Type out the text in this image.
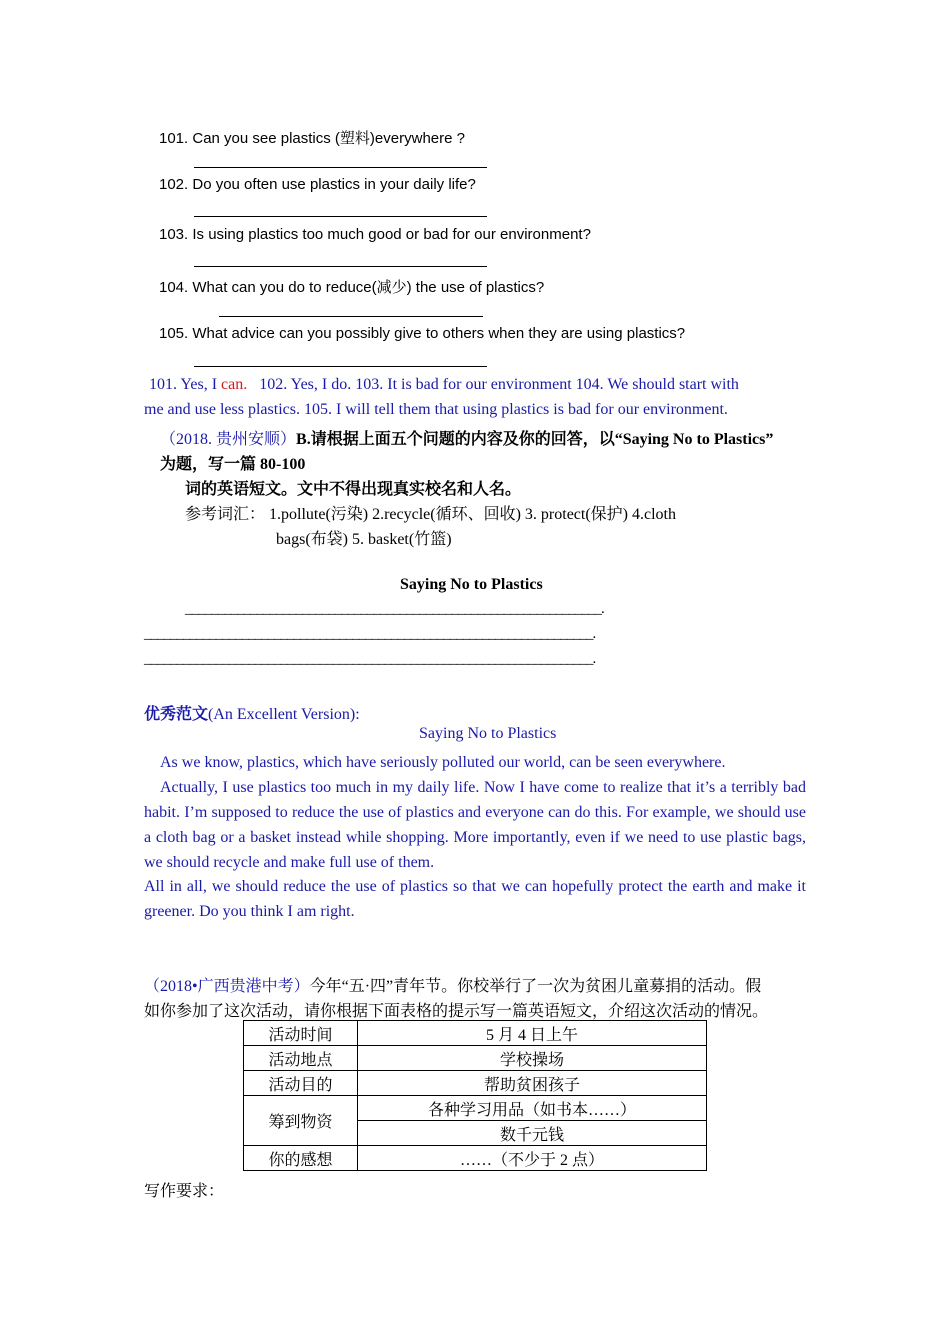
101. Can you see plastics (塑料)everywhere ?
102. Do you often use plastics in your daily life?
103. Is using plastics too much good or bad for our environment?
104. What can you do to reduce(减少) the use of plastics?
105. What advice can you possibly give to others when they are using plastics?
101. Yes, I can. 102. Yes, I do. 103. It is bad for our environment 104. We should start with
me and use less plastics. 105. I will tell them that using plastics is bad for our environment.
（2018. 贵州安顺）B.请根据上面五个问题的内容及你的回答，以“Saying No to Plastics”
为题，写一篇 80-100
词的英语短文。文中不得出现真实校名和人名。
参考词汇： 1.pollute(污染) 2.recycle(循环、回收) 3. protect(保护) 4.cloth
bags(布袋) 5. basket(竹篮)
Saying No to Plastics
________________________________________________________________.
_____________________________________________________________________.
_____________________________________________________________________.
优秀范文(An Excellent Version):
Saying No to Plastics
As we know, plastics, which have seriously polluted our world, can be seen everywhere.
Actually, I use plastics too much in my daily life. Now I have come to realize that it’s a terribly bad habit. I’m supposed to reduce the use of plastics and everyone can do this. For example, we should use a cloth bag or a basket instead while shopping. More importantly, even if we need to use plastic bags, we should recycle and make full use of them.
All in all, we should reduce the use of plastics so that we can hopefully protect the earth and make it greener. Do you think I am right.
（2018•广西贵港中考）今年“五·四”青年节。你校举行了一次为贫困儿童募捐的活动。假
如你参加了这次活动，请你根据下面表格的提示写一篇英语短文，介绍这次活动的情况。
活动时间	5 月 4 日上午
活动地点	学校操场
活动目的	帮助贫困孩子
筹到物资	各种学习用品（如书本……）
	数千元钱
你的感想	……（不少于 2 点）
写作要求：
